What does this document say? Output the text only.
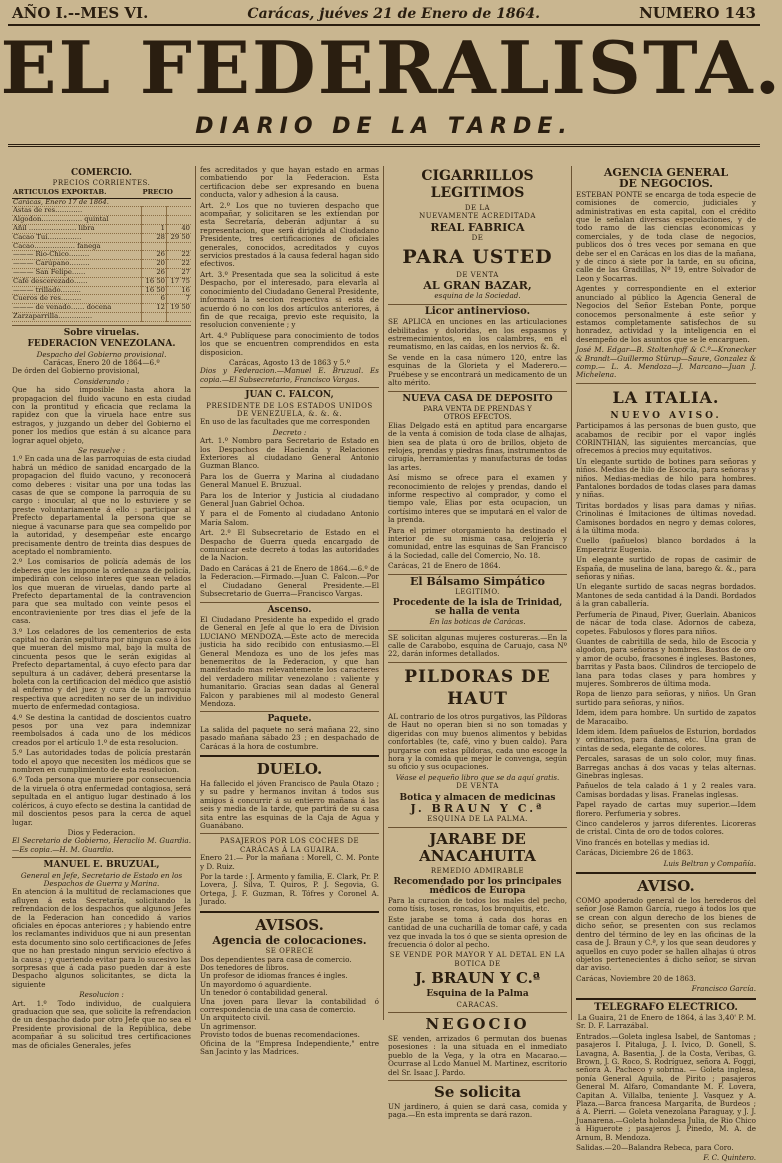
AÑO I.--MES VI.	Carácas, juéves 21 de Enero de 1864.	NUMERO 143
EL FEDERALISTA.
DIARIO DE LA TARDE.
COMERCIO.
PRECIOS CORRIENTES.
ARTICULOS EXPORTAB.	PRECIO	
Carácas, Enero 17 de 1864.		
Astas de res…………		
Algodon……………… quintal		
Añil ………………… libra	1	40
Cacao Tuí……………	28	29 50
Cacao……………… fanega		
——— Rio-Chico………	26	22
——— Carúpano………	20	22
——— San Felipe……	26	27
Café descerezado……	16 50	17 75
——— trillado………	16 50	16
Cueros de res………	6	7
——— de venado…… docena	12	19 50
Zarzaparrilla……………		
Sobre viruelas.
FEDERACION VENEZOLANA.
Despacho del Gobierno provisional.
Carácas, Enero 20 de 1864—6.º

De órden del Gobierno provisional,

Considerando :

Que ha sido imposible hasta ahora la propagacion del fluido vacuno en esta ciudad con la prontitud y eficacia que reclama la rapidez con que la viruela hace entre sus estragos, y juzgando un deber del Gobierno el poner los medios que están á su alcance para lograr aquel objeto,

Se resuelve :

1.º En cada una de las parroquias de esta ciudad habrá un médico de sanidad encargado de la propagacion del fluido vacuno, y reconocerá como deberes : visitar una por una todas las casas de que se compone la parroquia de su cargo : inocular, al que no lo estuviere y se preste voluntariamente á ello : participar al Prefecto departamental la persona que se niegue á vacunarse para que sea compelido por la autoridad, y desempeñar este encargo precisamente dentro de treinta dias despues de aceptado el nombramiento.

2.º Los comisarios de policía además de los deberes que les impone la ordenanza de policía, impedirán con celoso interes que sean velados los que mueran de viruelas, dando parte al Prefecto departamental de la contravencion para que sea multado con veinte pesos el encontravieniente por tres dias el jefe de la casa.

3.º Los celadores de los cementerios de esta capital no darán sepultura por ningun caso á los que mueran del mismo mal, bajo la multa de cincuenta pesos que le serán exigidas al Prefecto departamental, á cuyo efecto para dar sepultura á un cadáver, deberá presentarse la boleta con la certificacion del médico que asistió al enfermo y del juez y cura de la parroquia respectiva que acrediten no ser de un individuo muerto de enfermedad contagiosa.

4.º Se destina la cantidad de doscientos cuatro pesos por una vez para indemnizar reembolsados á cada uno de los médicos creados por el artículo 1.º de esta resolucion.

5.º Las autoridades todas de policía prestarán todo el apoyo que necesiten los médicos que se nombren en cumplimiento de esta resolucion.

6.º Toda persona que muriere por consecuencia de la viruela ó otra enfermedad contagiosa, será sepultada en el antiguo lugar destinado á los coléricos, á cuyo efecto se destina la cantidad de mil doscientos pesos para la cerca de aquel lugar.

Dios y Federacion.

El Secretario de Gobierno, Heraclio M. Guardia.—Es copia.—H. M. Guardia.

MANUEL E. BRUZUAL,
General en Jefe, Secretario de Estado en los Despachos de Guerra y Marina.

En atencion á la multitud de reclamaciones que afluyen á esta Secretaría, solicitando la refrendacion de los despachos que algunos Jefes de la Federacion han concedido á varios oficiales en épocas anteriores ; y habiendo entre los reclamantes individuos que ni aun presentan esta documento sino solo certificaciones de Jefes que no han prestado ningun servicio efectivo á la causa ; y queriendo evitar para lo sucesivo las sorpresas que á cada paso pueden dar á este Despacho algunos solicitantes, se dicta la siguiente

Resolucion :

Art. 1.º Todo individuo, de cualquiera graduacion que sea, que solicite la refrendacion de un despacho dado por otro Jefe que no sea el Presidente provisional de la República, debe acompañar á su solicitud tres certificaciones mas de oficiales Generales, jefes

fes acreditados y que hayan estado en armas combatiendo por la Federacion. Esta certificacion debe ser expresando en buena conducta, valor y adhesion á la causa.

Art. 2.º Los que no tuvieren despacho que acompañar, y solicitaren se les extiendan por esta Secretaría, deberán adjuntar á su representacion, que será dirigida al Ciudadano Presidente, tres certificaciones de oficiales generales, conocidos, acreditados y cuyos servicios prestados á la causa federal hagan sido efectivos.

Art. 3.º Presentada que sea la solicitud á este Despacho, por el interesado, para elevarla al conocimiento del Ciudadano General Presidente, informará la seccion respectiva si está de acuerdo ó no con los dos artículos anteriores, á fin de que recaiga, previo este requisito, la resolucion conveniente ; y

Art. 4.º Publíquese para conocimiento de todos los que se encuentren comprendidos en esta disposicion.

Carácas, Agosto 13 de 1863 y 5.º

Dios y Federacion.—Manuel E. Bruzual. Es copia.—El Subsecretario, Francisco Vargas.

JUAN C. FALCON,
PRESIDENTE DE LOS ESTADOS UNIDOS DE VENEZUELA, &. &. &.

En uso de las facultades que me corresponden

Decreto :

Art. 1.º Nombro para Secretario de Estado en los Despachos de Hacienda y Relaciones Exteriores al ciudadano General Antonio Guzman Blanco.

Para los de Guerra y Marina al ciudadano General Manuel E. Bruzual.

Para los de Interior y Justicia al ciudadano General Juan Gabriel Ochoa.

Y para el de Fomento al ciudadano Antonio María Salom.

Art. 2.º El Subsecretario de Estado en el Despacho de Guerra queda encargado de comunicar este decreto á todas las autoridades de la Nacion.

Dado en Carácas á 21 de Enero de 1864.—6.º de la Federacion.—Firmado.—Juan C. Falcon.—Por el Ciudadano General Presidente.—El Subsecretario de Guerra—Francisco Vargas.

Ascenso.

El Ciudadano Presidente ha expedido el grado de General en Jefe al que lo era de Division LUCIANO MENDOZA.—Este acto de merecida justicia ha sido recibido con entusiasmo.—El General Mendoza es uno de los jefes mas benemeritos de la Federacion, y que han manifestado mas relevantemente los caracteres del verdadero militar venezolano : valiente y humanitario. Gracias sean dadas al General Falcon y parabienes mil al modesto General Mendoza.

Paquete.

La salida del paquete no será mañana 22, sino pasado mañana sábado 23 ; en despachado de Carácas á la hora de costumbre.

DUELO.

Ha fallecido el jóven Francisco de Paula Otazo ; y su padre y hermanos invitan á todos sus amigos á concurrir á su entierro mañana á las seis y media de la tarde, que partirá de su casa sita entre las esquinas de la Caja de Agua y Guanábano.

PASAJEROS POR LOS COCHES DE CARÁCAS Á LA GUAIRA.

Enero 21.— Por la mañana : Morell, C. M. Ponte y D. Ruiz.

Por la tarde : J. Armento y familia, E. Clark, Pr. P. Lovera, J. Silva, T. Quiros, P. J. Segovia, G. Ortega, J. F. Guzman, R. Tófres y Coronel A. Jurado.

AVISOS.
Agencia de colocaciones.
SE OFRECE

Dos dependientes para casa de comercio.
Dos tenedores de libros.
Un profesor de idiomas frances é ingles.
Un mayordomo ó aguardiente.
Un tenedor ó contabilidad general.
Una joven para llevar la contabilidad ó correspondencia de una casa de comercio.
Un arquitecto civil.
Un agrimensor.
Provisto todos de buenas recomendaciones.
Oficina de la "Empresa Independiente," entre San Jacinto y las Madrices.

CIGARRILLOS LEGITIMOS
DE LA
NUEVAMENTE ACREDITADA
REAL FABRICA
DE
PARA USTED
DE VENTA
AL GRAN BAZAR,
esquina de la Sociedad.
Licor antinervioso.

SE APLICA en unciones en las articulaciones debilitadas y doloridas, en los espasmos y estremecimientos, en los calambres, en el reumatismo, en las caídas, en los nervios &. &.

Se vende en la casa número 120, entre las esquinas de la Glorieta y el Maderero.—Pruébese y se encontrará un medicamento de un alto mérito.

NUEVA CASA DE DEPOSITO
PARA VENTA DE PRENDAS Y
OTROS EFECTOS.

Elias Delgado está en aptitud para encargarse de la venta á comision de toda clase de alhajas, bien sea de plata ú oro de brillos, objeto de relojes, prendas y piedras finas, instrumentos de cirugía, herramientas y manufacturas de todas las artes.

Así mismo se ofrece para el examen y reconocimiento de relojes y prendas, dando el informe respectivo al comprador, y como el tiempo vale, Elias por esta ocupacion, un cortísimo interes que se imputará en el valor de la prenda.

Para el primer otorgamiento ha destinado el interior de su misma casa, relojería y comunidad, entre las esquinas de San Francisco á la Sociedad, calle del Comercio, No. 18.

Carácas, 21 de Enero de 1864.

El Bálsamo Simpático
LEGITIMO.
Procedente de la isla de Trinidad, se halla de venta
En las boticas de Carácas.

SE solicitan algunas mujeres costureras.—En la calle de Carabobo, esquina de Caruajo, casa Nº 22, darán informes detallados.

PILDORAS DE HAUT

AL contrario de los otros purgativos, las Píldoras de Haut no operan bien si no son tomadas y digeridas con muy buenos alimentos y bebidas confortables (te, café, vino y buen caldo). Para purgarse con estas píldoras, cada uno escoge la hora y la comida que mejor le convenga, según su oficio y sus ocupaciones.

Véase el pequeño libro que se da aquí gratis.
DE VENTA
Botica y almacen de medicinas
J. BRAUN Y C.ª
ESQUINA DE LA PALMA.
JARABE DE ANACAHUITA
REMEDIO ADMIRABLE
Recomendado por los principales médicos de Europa

Para la curacion de todos los males del pecho, como tísis, toses, roncas, los bronquitis, etc.

Este jarabe se toma á cada dos horas en cantidad de una cucharilla de tomar café, y cada vez que invada la tos ó que se sienta opresion de frecuencia ó dolor al pecho.

SE VENDE POR MAYOR Y AL DETAL EN LA BOTICA DE
J. BRAUN Y C.ª
Esquina de la Palma
CARACAS.
NEGOCIO

SE venden, arrizados 6 permutan dos buenas posesiones : la una situada en el inmediato pueblo de la Vega, y la otra en Macarao.— Ocurrase al Lcdo Manuel M. Martinez, escritorio del Sr. Isaac J. Pardo.

Se solicita

UN jardinero, á quien se dará casa, comida y paga.—En esta imprenta se dará razon.

AGENCIA GENERAL
DE NEGOCIOS.

ESTEBAN PONTE se encarga de toda especie de comisiones de comercio, judiciales y administrativas en esta capital, con el crédito que le señalan diversas especulaciones, y de todo ramo de las ciencias economicas y comerciales, y de toda clase de negocios, publicos dos ó tres veces por semana en que debe ser el en Carácas en los dias de la mañana, y de cinco á siete por la tarde, en su oficina, calle de las Gradillas, Nº 19, entre Solvador de Leon y Socarras.

Agentes y correspondiente en el exterior anunciado al público la Agencia General de Negocios del Señor Esteban Ponte, porque conocemos personalmente á este señor y estamos completamente satisfechos de su honradez, actividad y la inteligencia en el desempeño de los asuntos que se le encarguen.

José M. Edgar—B. Stoltenhoff & C.º—Kronecker & Brandt—Guillermo Stürup—Saure, Gonzalez & comp.— L. A. Mendoza—J. Marcano—Juan J. Michelena.

LA ITALIA.
NUEVO AVISO.

Participamos á las personas de buen gusto, que acabamos de recibir por el vapor inglés CORINTHIAN, las siguientes mercancías, que ofrecemos á precios muy equitativos.

Un elegante surtido de botines para señoras y niños. Medias de hilo de Escocia, para señoras y niños. Medias-medias de hilo para hombres. Pantalones bordados de todas clases para damas y niñas.

Tiritas bordados y lisas para damas y niñas. Crinolinas é Imitaciones de últimas novedad. Camisones bordados en negro y demas colores, á la última moda.

Cuello (pañuelos) blanco bordados á la Emperatriz Eugenia.

Un elegante surtido de ropas de casimir de España, de muselina de lana, barego &. &., para señoras y niñas.

Un elegante surtido de sacas negras bordados. Mantones de seda cantidad á la Dandi. Bordados á la gran caballería.

Perfumería de Pinaud, Piver, Guerlain. Abanicos de nácar de toda clase. Adornos de cabeza, copetes. Fabulosos y flores para niños.

Guantes de cabritilla de seda, hilo de Escocia y algodon, para señoras y hombres. Bastos de oro y amor de ocubo, fracsones é ingleses. Bastones, barritas y Pasta baos. Cilindros de terciopelo de lana para todas clases y para hombres y mujeres. Sombreros de última moda.

Ropa de lienzo para señoras, y niños. Un Gran surtido para señoras, y niños.

Idem, idem para hombre. Un surtido de zapatos de Maracaibo.

Idem idem. Idem pañuelos de Esturion, bordados y ordinarios, para damas, etc. Una gran de cintas de seda, elegante de colores.

Percales, sarasas de un solo color, muy finas. Barregas anchas á dos vacas y telas alternas. Ginebras inglesas.

Pañuelos de tela calado á 1 y 2 reales vara. Camisas bordadas y lisas. Franelas inglesas.

Papel rayado de cartas muy superior.—Idem florero. Perfumeria y sobres.

Cinco candeleros y jarros diferentes. Licoreras de cristal. Cinta de oro de todos colores.

Vino francés en botellas y medias id.

Carácas, Diciembre 26 de 1863.

Luis Beltran y Compañía.
AVISO.

COMO apoderado general de los herederos del señor José Ramon García, ruego á todos los que se crean con algun derecho de los bienes de dicho señor, se presenten con sus reclamos dentro del término de ley en las oficinas de la casa de J. Braun y C.ª, y los que sean deudores y aquellos en cuyo poder se hallen alhajas ú otros objetos pertenecientes á dicho señor, se sirvan dar aviso.

Carácas, Noviembre 20 de 1863.

Francisco García.
TELEGRAFO ELECTRICO.
La Guaira, 21 de Enero de 1864, á las 3,40' P. M.

Sr. D. F. Larrazábal.

Entrados.—Goleta inglesa Isabel, de Santomas ; pasajeros I. Pitaluga, J. I. Ivico, D. Gonell, S. Lavagna, A. Basentia, J. de la Costa, Veribas, G. Brown, J. G. Roco, S. Rodríguez, señora A. Foggi, señora A. Pacheco y sobrina. — Goleta inglesa, ponía General Aguila, de Pirito ; pasajeros General M. Alfaro, Comandante M. F. Lovera, Capitan A. Villalba, teniente J. Vasquez y A. Plaza.—Barca francesa Margarita, de Burdeos ; á A. Pierri. — Goleta venezolana Paraguay, y J. J. Juanarena.—Goleta holandesa Julia, de Rio Chico á Higuerote ; pasajeros J. Pinedo, M. A. de Arnum, B. Mendoza.

Salidas.—20—Balandra Rebeca, para Coro.

F. C. Quintero.
